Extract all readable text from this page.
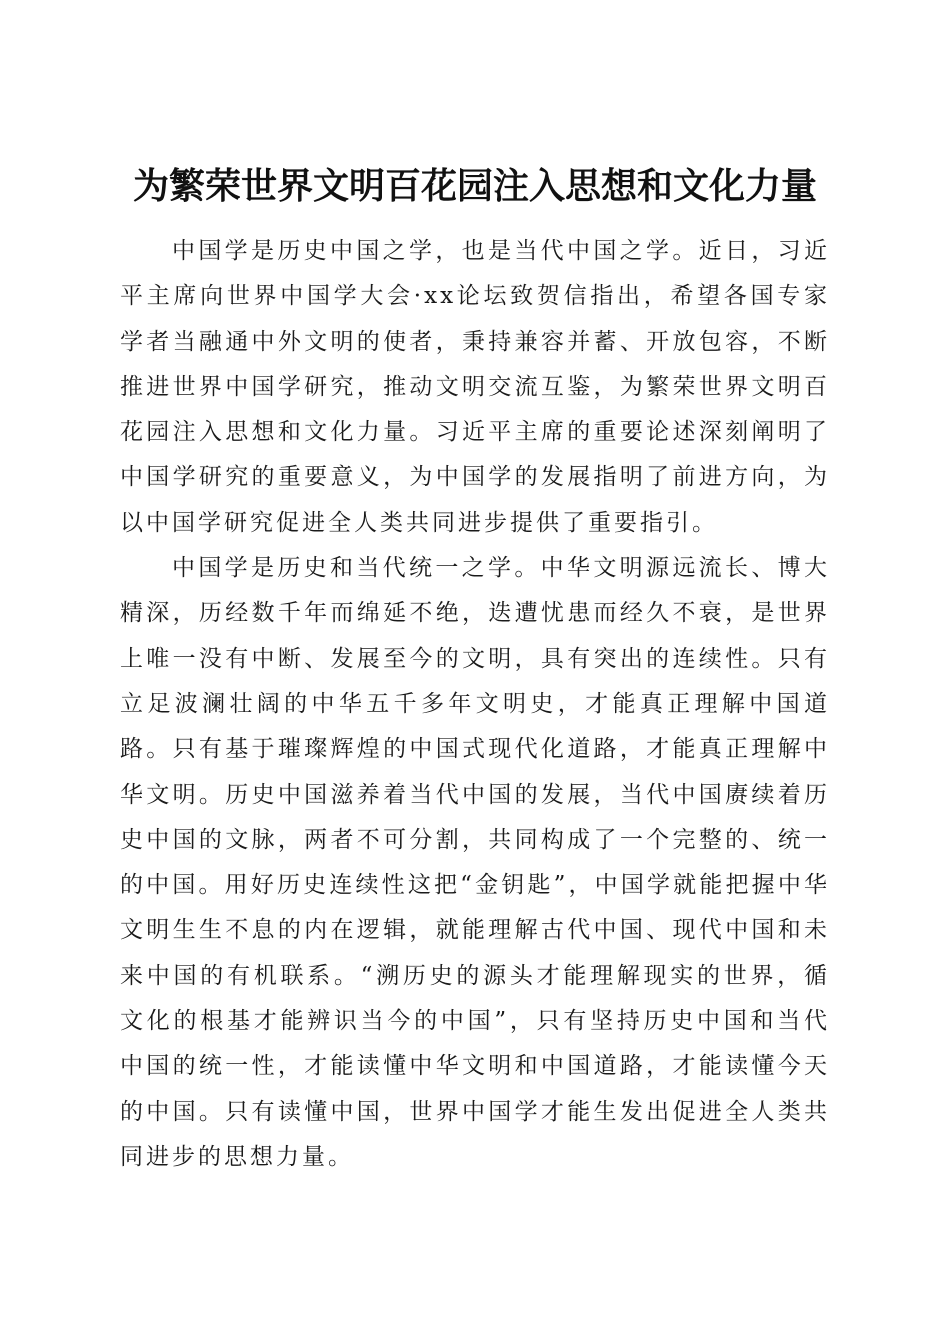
为繁荣世界文明百花园注入思想和文化力量

中国学是历史中国之学，也是当代中国之学。近日，习近平主席向世界中国学大会·xx论坛致贺信指出，希望各国专家学者当融通中外文明的使者，秉持兼容并蓄、开放包容，不断推进世界中国学研究，推动文明交流互鉴，为繁荣世界文明百花园注入思想和文化力量。习近平主席的重要论述深刻阐明了中国学研究的重要意义，为中国学的发展指明了前进方向，为以中国学研究促进全人类共同进步提供了重要指引。

中国学是历史和当代统一之学。中华文明源远流长、博大精深，历经数千年而绵延不绝，迭遭忧患而经久不衰，是世界上唯一没有中断、发展至今的文明，具有突出的连续性。只有立足波澜壮阔的中华五千多年文明史，才能真正理解中国道路。只有基于璀璨辉煌的中国式现代化道路，才能真正理解中华文明。历史中国滋养着当代中国的发展，当代中国赓续着历史中国的文脉，两者不可分割，共同构成了一个完整的、统一的中国。用好历史连续性这把“金钥匙”，中国学就能把握中华文明生生不息的内在逻辑，就能理解古代中国、现代中国和未来中国的有机联系。“溯历史的源头才能理解现实的世界，循文化的根基才能辨识当今的中国”，只有坚持历史中国和当代中国的统一性，才能读懂中华文明和中国道路，才能读懂今天的中国。只有读懂中国，世界中国学才能生发出促进全人类共同进步的思想力量。
